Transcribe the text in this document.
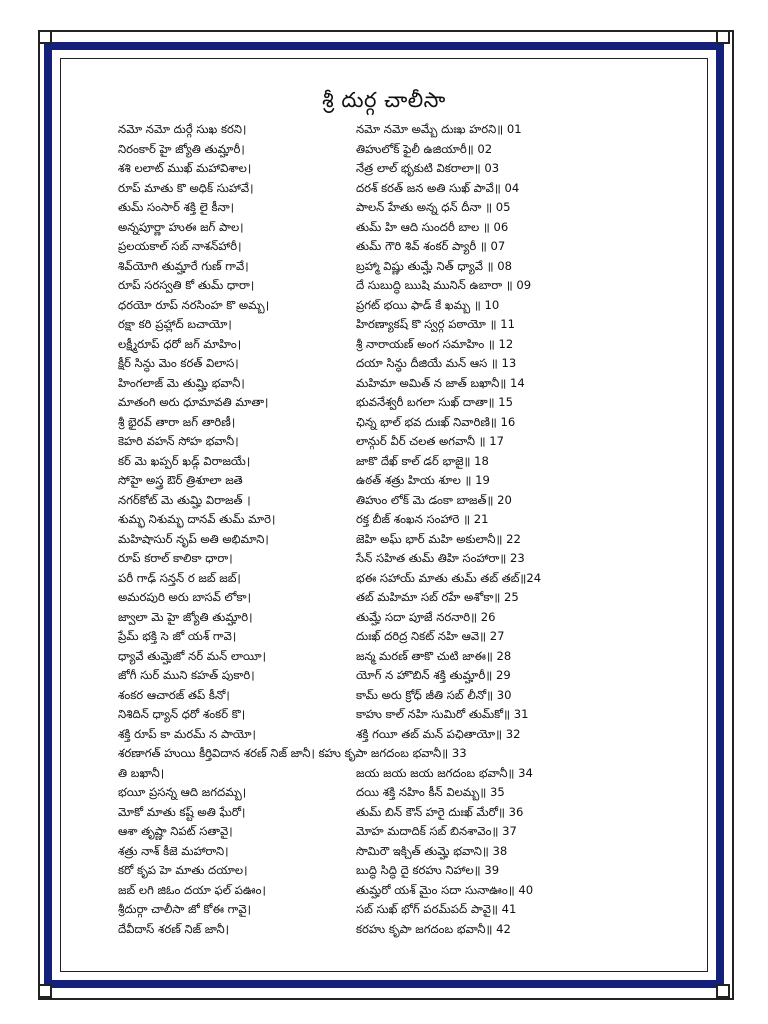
శ్రీ దుర్గ చాలీసా
నమో నమో దుర్గే సుఖ కరని।	నమో నమో అమ్బే దుఃఖ హరని॥ 01
నిరంకార్ హై జ్యోతి తుమ్హారీ।	తిహులోక్ ఫైలీ ఉజియారీ॥ 02
శశి లలాట్ ముఖ్ మహావిశాల।	నేత్ర లాల్ భృకుటి వికరాలా॥ 03
రూప్ మాతు కొ అధిక్ సుహావే।	దరశ్ కరత్ జన అతి సుఖ్ పావే॥ 04
తుమ్ సంసార్ శక్తి లై కీనా।	పాలన్ హేతు అన్న ధన్ దీనా ॥ 05
అన్నపూర్ణా హుఈ జగ్ పాల।	తుమ్ హి ఆది సుందరీ బాల ॥ 06
ప్రలయకాల్ సబ్ నాశన్‌హారీ।	తుమ్ గౌరి శివ్ శంకర్ ప్యారీ ॥ 07
శివ్‌యోగి తుమ్హారే గుణ్ గావే।	బ్రహ్మా విష్ణు తుమ్హే నిత్ ధ్యావే ॥ 08
రూప్ సరస్వతి కో తుమ్ ధారా।	దే సుబుద్ధి ఋషి మునిన్ ఉబారా ॥ 09
ధరయో రూప్ నరసింహ కొ అమ్బ।	ప్రగట్ భయి ఫాడ్ కే ఖమ్బ ॥ 10
రక్షా కరి ప్రహ్లాద్ బచాయో।	హిరణ్యాకష్ కొ స్వర్గ పఠాయో ॥ 11
లక్ష్మీరూప్ ధరో జగ్ మాహిం।	శ్రీ నారాయణ్ అంగ సమాహిం ॥ 12
క్షీర్ సిన్ధు మెం కరత్ విలాస।	దయా సిన్ధు దీజియే మన్ ఆస ॥ 13
హింగలాజ్ మె తుమ్హి భవానీ।	మహిమా అమిత్ న జాత్ బఖానీ॥ 14
మాతంగి అరు ధూమావతి మాతా।	భువనేశ్వరీ బగలా సుఖ్ దాతా॥ 15
శ్రీ భైరవ్ తారా జగ్ తారిణీ।	ఛిన్న భాల్ భవ దుఃఖ్ నివారిణి॥ 16
కెహరి వహన్ సోహ భవానీ।	లాన్గుర్ వీర్ చలత అగవానీ ॥ 17
కర్ మె ఖప్పర్ ఖడ్గ్ విరాజయే।	జాకొ దేఖ్ కాల్ డర్ భాజై॥ 18
సోహై అస్త్ర ఔర్ త్రిశూలా జతె	ఉఠత్ శత్రు హియ శూల ॥ 19
నగర్‌కోట్ మె తుమ్హి విరాజత్ ।	తిహుం లోక్ మె డంకా బాజత్॥ 20
శుమ్భ నిశుమ్భ దానవ్ తుమ్ మారె।	రక్త బీజ్ శంఖన సంహారె ॥ 21
మహిషాసుర్ నృప్ అతి అభిమాని।	జెహి అఘ్ భార్ మహి అకులానీ॥ 22
రూప్ కరాల్ కాలికా ధారా।	సేన్ సహిత తుమ్ తిహి సంహారా॥ 23
పరీ గాఢ్ సన్తన్ ర జబ్ జబ్।	భఈ సహాయ్ మాతు తుమ్ తబ్ తబ్॥24
అమరపురి అరు బాసవ్ లోకా।	తబ్ మహిమా సబ్ రహే అశోకా॥ 25
జ్వాలా మె హై జ్యోతి తుమ్హారి।	తుమ్హే సదా పూజే నరనారి॥ 26
ప్రేమ్ భక్తి సె జో యశ్ గావె।	దుఃఖ్ దరిద్ర నికట్ నహి ఆవె॥ 27
ధ్యావే తుమ్హెజో నర్ మన్ లాయీ।	జన్మ మరణ్ తాకొ చుటి జాఈ॥ 28
జోగీ సుర్ ముని కహత్ పుకారి।	యోగ్ న హొబిన్ శక్తి తుమ్హారీ॥ 29
శంకర ఆచారజ్ తప్ కీనో।	కామ్ అరు క్రోధ్ జీతి సబ్ లీనో॥ 30
నిశిదిన్ ధ్యాన్ ధరో శంకర్ కొ।	కాహు కాల్ నహి సుమిరో తుమ్‌కో॥ 31
శక్తి రూప్ కా మరమ్ న పాయో।	శక్తి గయీ తబ్ మన్ పఛితాయో॥ 32
శరణాగత్ హుయి కీర్తివిదాన శరణ్ నిజ్ జానీ। కహు కృపా జగదంబ భవానీ॥ 33
తి బఖానీ।	జయ జయ జయ జగదంబ భవానీ॥ 34
భయీ ప్రసన్న ఆది జగదమ్బ।	దయి శక్తి నహిం కీన్ విలమ్బ॥ 35
మోకో మాతు కష్ట్ అతి ఘేరో।	తుమ్ బిన్ కౌన్ హరై దుఃఖ్ మేరో॥ 36
ఆశా తృష్ణా నిపట్ సతావై।	మోహ మదాదిక్ సబ్ బినశావెం॥ 37
శత్రు నాశ్ కీజె మహారాని।	సొమిరౌ ఇక్చిత్ తుమ్హె భవాని॥ 38
కరో కృప హె మాతు దయాల।	బుద్ధి సిద్ధి దై కరహు నిహాల॥ 39
జబ్ లగి జిఓం దయా ఫల్ పఊం।	తుమ్హరో యశ్ మైం సదా సునాఊం॥ 40
శ్రీదుర్గా చాలీసా జో కోఈ గావై।	సబ్ సుఖ్ భోగ్ పరమ్‌పద్ పావై॥ 41
దేవీదాస్ శరణ్ నిజ్ జానీ।	కరహు కృపా జగదంబ భవానీ॥ 42
